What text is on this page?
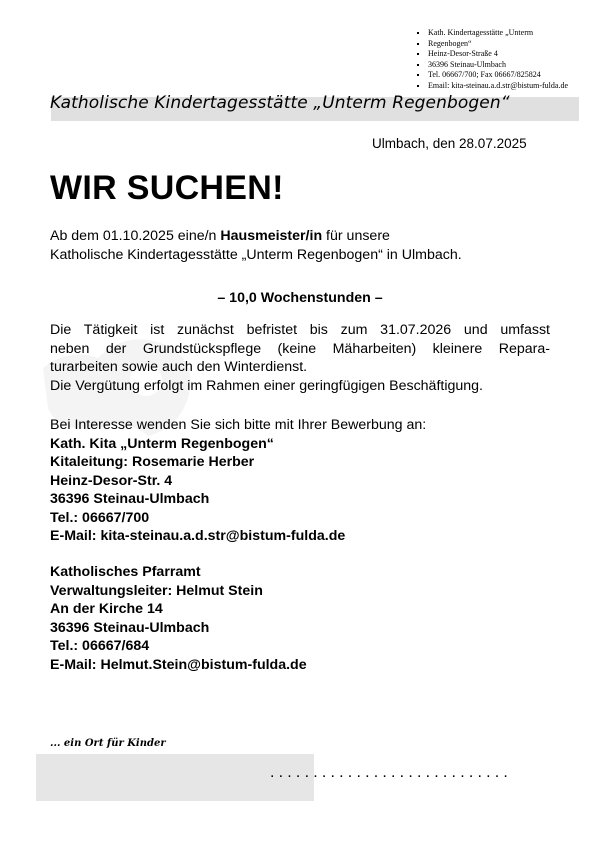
Kath. Kindertagesstätte „Unterm
Regenbogen“
Heinz-Desor-Straße 4
36396 Steinau-Ulmbach
Tel. 06667/700; Fax 06667/825824
Email: kita-steinau.a.d.str@bistum-fulda.de
Katholische Kindertagesstätte „Unterm Regenbogen“
Ulmbach, den 28.07.2025
WIR SUCHEN!
Ab dem 01.10.2025 eine/n Hausmeister/in für unsere
Katholische Kindertagesstätte „Unterm Regenbogen“ in Ulmbach.
– 10,0 Wochenstunden –
Die Tätigkeit ist zunächst befristet bis zum 31.07.2026 und umfasst
neben der Grundstückspflege (keine Mäharbeiten) kleinere Repara-
turarbeiten sowie auch den Winterdienst.
Die Vergütung erfolgt im Rahmen einer geringfügigen Beschäftigung.
Bei Interesse wenden Sie sich bitte mit Ihrer Bewerbung an:
Kath. Kita „Unterm Regenbogen“
Kitaleitung: Rosemarie Herber
Heinz-Desor-Str. 4
36396 Steinau-Ulmbach
Tel.: 06667/700
E-Mail: kita-steinau.a.d.str@bistum-fulda.de
Katholisches Pfarramt
Verwaltungsleiter: Helmut Stein
An der Kirche 14
36396 Steinau-Ulmbach
Tel.: 06667/684
E-Mail: Helmut.Stein@bistum-fulda.de
... ein Ort für Kinder
............................
